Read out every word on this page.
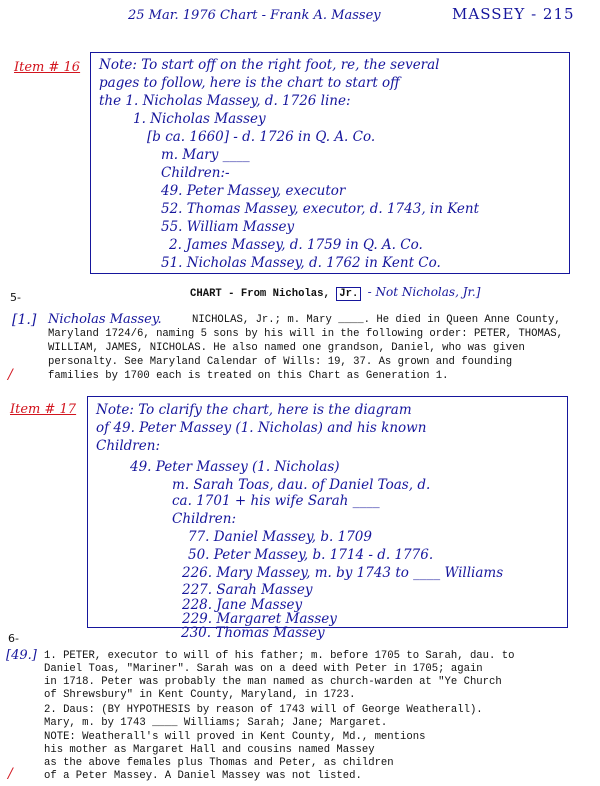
25 Mar. 1976 Chart - Frank A. Massey	MASSEY - 215
Item # 16 Note: To start off on the right foot, re, the several
pages to follow, here is the chart to start off
the 1. Nicholas Massey, d. 1726 line:
1. Nicholas Massey
[b ca. 1660] - d. 1726 in Q. A. Co.
m. Mary ____
Children:-
49. Peter Massey, executor
52. Thomas Massey, executor, d. 1743, in Kent
55. William Massey
2. James Massey, d. 1759 in Q. A. Co.
51. Nicholas Massey, d. 1762 in Kent Co.
5-	CHART - From Nicholas, Jr. - Not Nicholas, Jr.]
[1.] Nicholas Massey.	NICHOLAS, Jr.; m. Mary ____. He died in Queen Anne County,
Maryland 1724/6, naming 5 sons by his will in the following order: PETER, THOMAS,
WILLIAM, JAMES, NICHOLAS. He also named one grandson, Daniel, who was given
personalty. See Maryland Calendar of Wills: 19, 37. As grown and founding
families by 1700 each is treated on this Chart as Generation 1.
/
Item # 17 Note: To clarify the chart, here is the diagram
of 49. Peter Massey (1. Nicholas) and his known
Children:
49. Peter Massey (1. Nicholas)
m. Sarah Toas, dau. of Daniel Toas, d.
ca. 1701 + his wife Sarah ____
Children:
77. Daniel Massey, b. 1709
50. Peter Massey, b. 1714 - d. 1776.
226. Mary Massey, m. by 1743 to ____ Williams
227. Sarah Massey
228. Jane Massey
229. Margaret Massey
230. Thomas Massey
6-
[49.] 1. PETER, executor to will of his father; m. before 1705 to Sarah, dau. to
Daniel Toas, "Mariner". Sarah was on a deed with Peter in 1705; again
in 1718. Peter was probably the man named as church-warden at "Ye Church
of Shrewsbury" in Kent County, Maryland, in 1723.
2. Daus: (BY HYPOTHESIS by reason of 1743 will of George Weatherall).
Mary, m. by 1743 ____ Williams; Sarah; Jane; Margaret.
NOTE: Weatherall's will proved in Kent County, Md., mentions
his mother as Margaret Hall and cousins named Massey
as the above females plus Thomas and Peter, as children
of a Peter Massey. A Daniel Massey was not listed.
/
